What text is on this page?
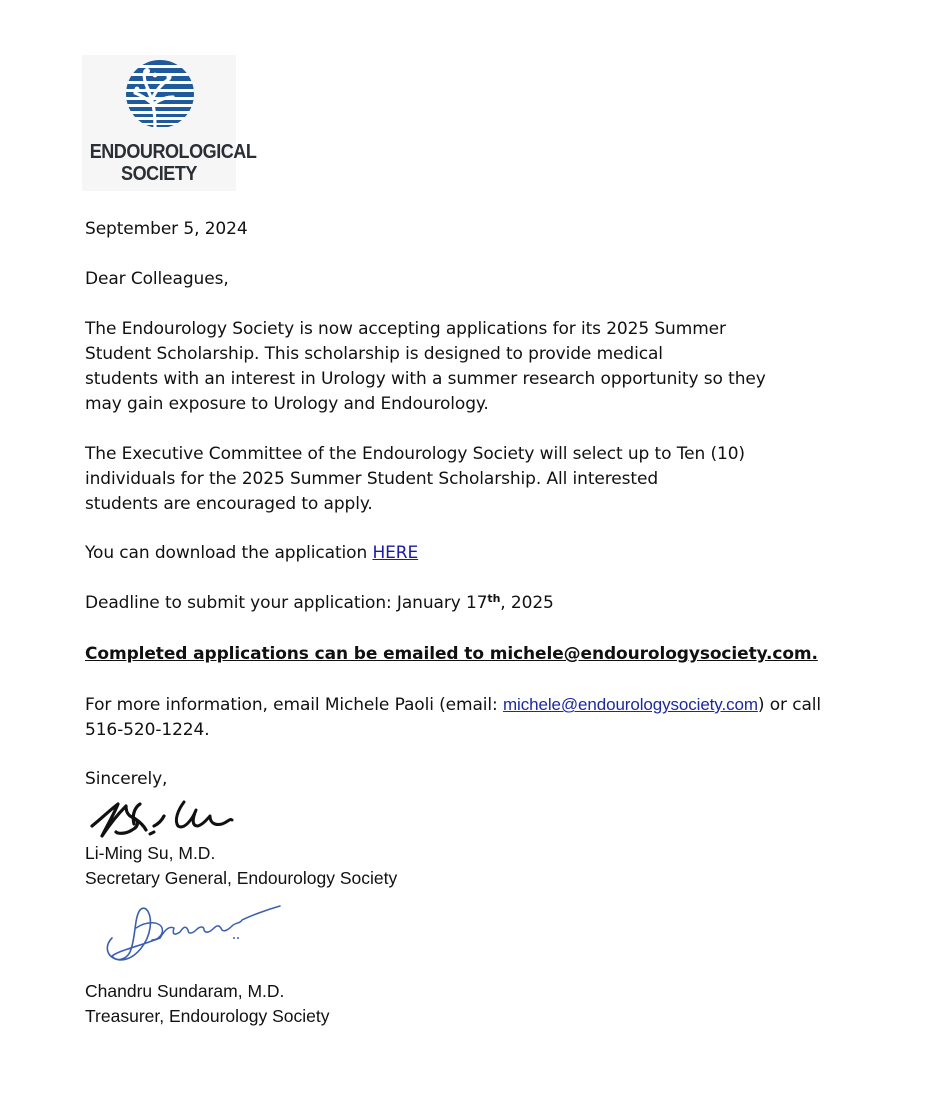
ENDOUROLOGICAL
SOCIETY
September 5, 2024
Dear Colleagues,
The Endourology Society is now accepting applications for its 2025 Summer
Student Scholarship. This scholarship is designed to provide medical
students with an interest in Urology with a summer research opportunity so they
may gain exposure to Urology and Endourology.
The Executive Committee of the Endourology Society will select up to Ten (10)
individuals for the 2025 Summer Student Scholarship. All interested
students are encouraged to apply.
You can download the application HERE
Deadline to submit your application: January 17th, 2025
Completed applications can be emailed to michele@endourologysociety.com.
For more information, email Michele Paoli (email: michele@endourologysociety.com) or call
516-520-1224.
Sincerely,
Li-Ming Su, M.D.
Secretary General, Endourology Society
Chandru Sundaram, M.D.
Treasurer, Endourology Society
